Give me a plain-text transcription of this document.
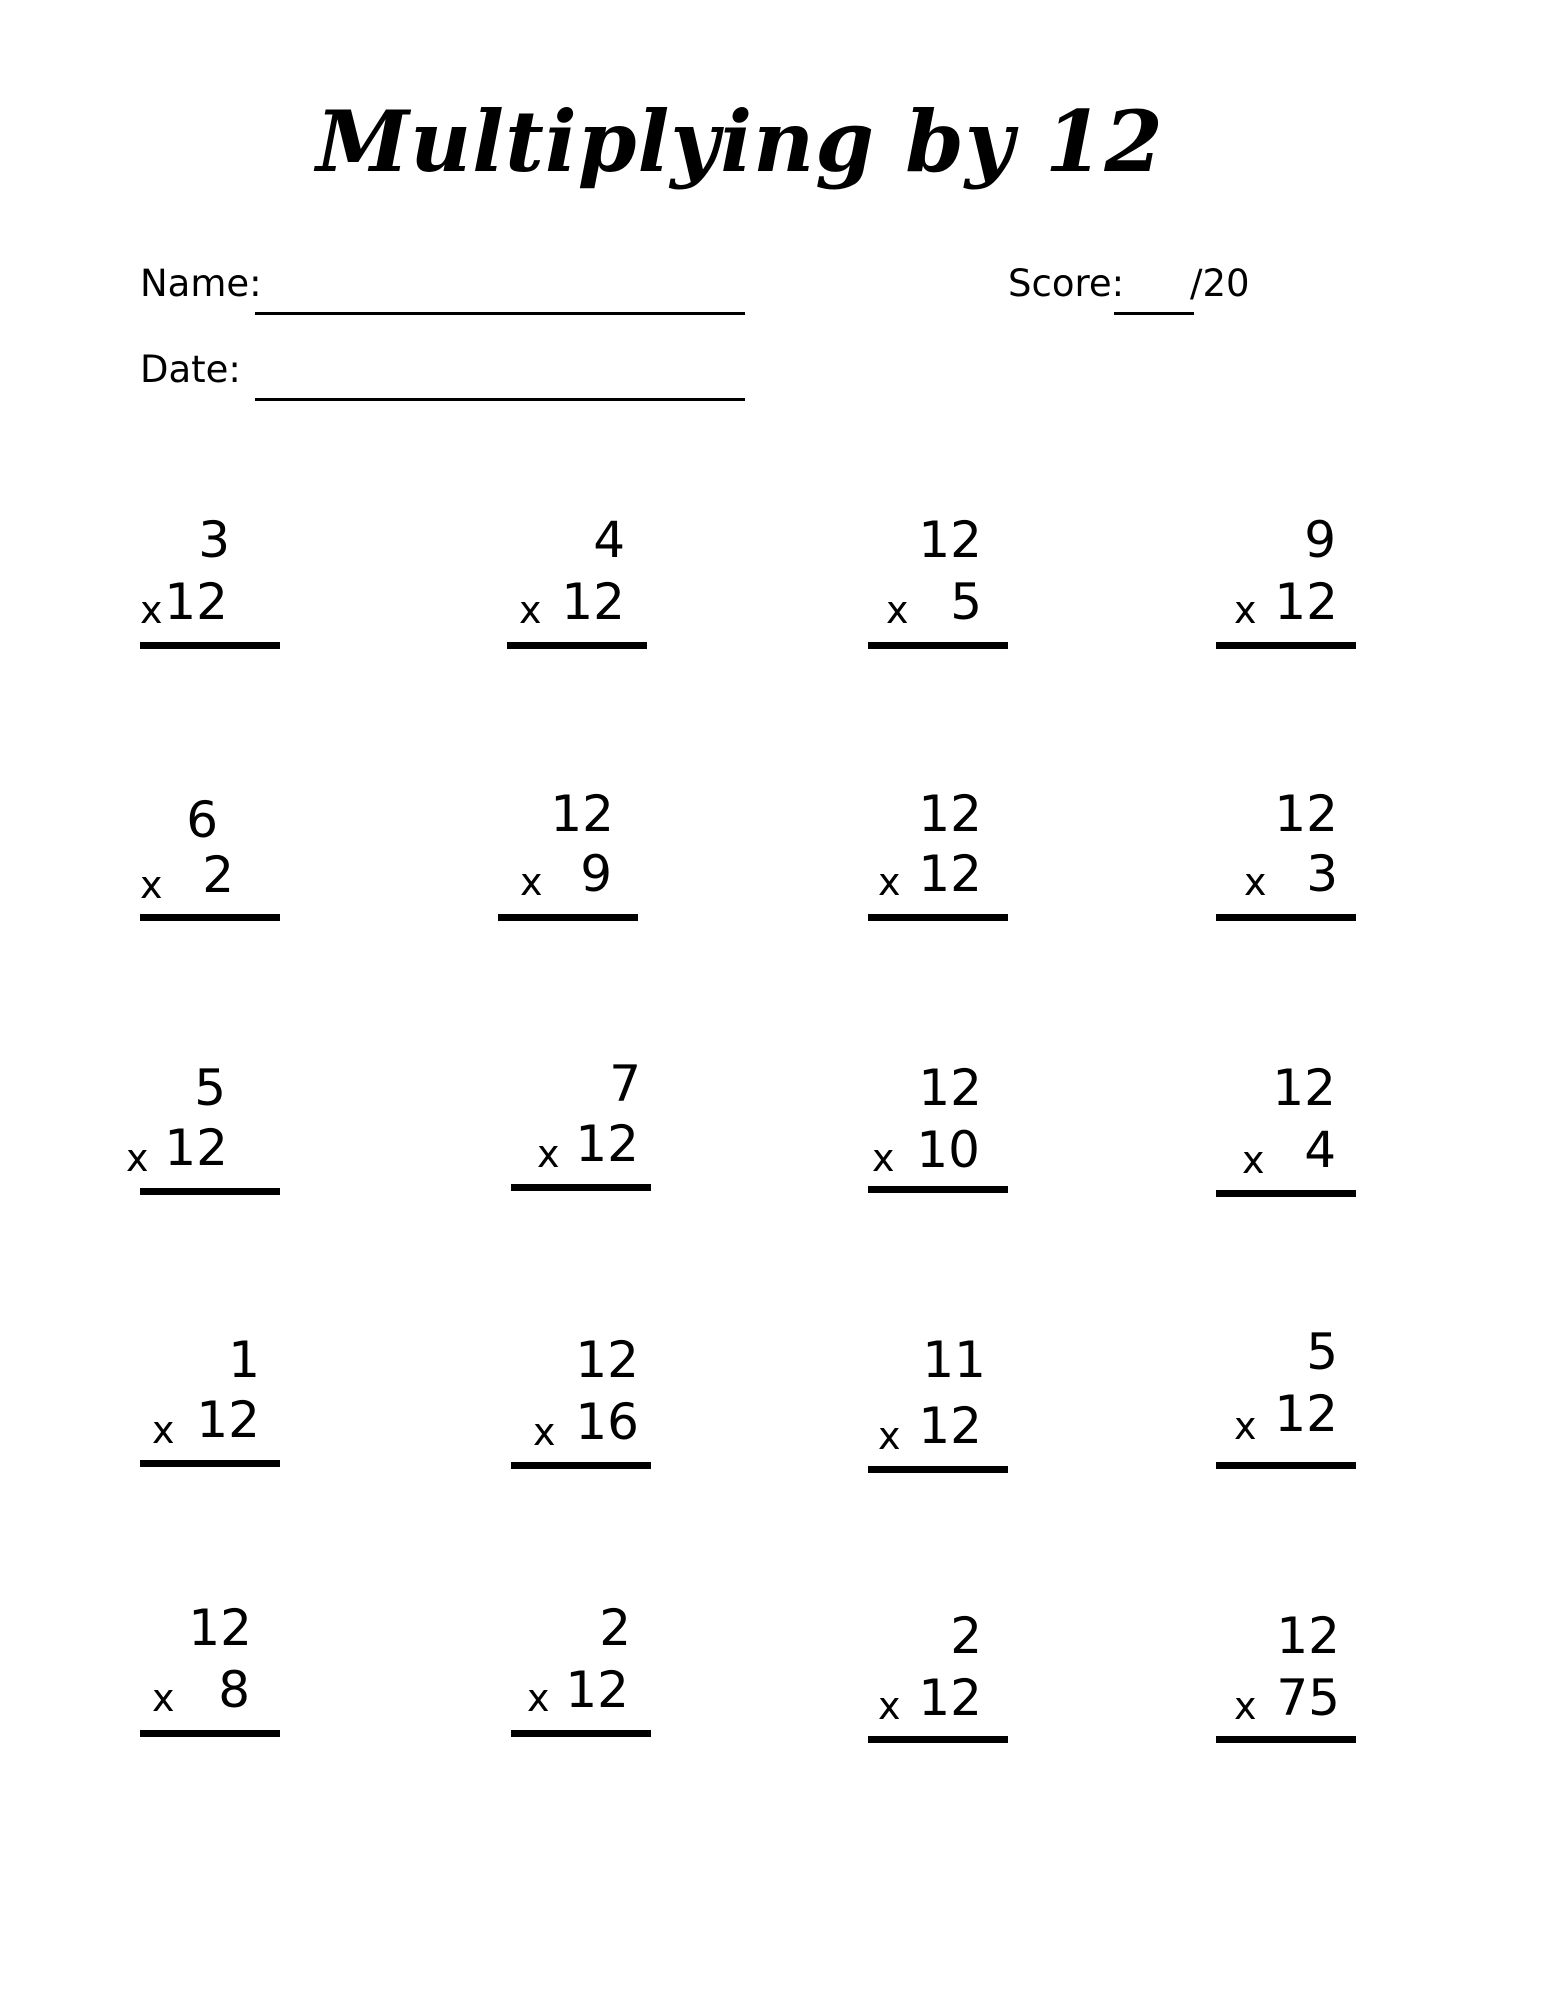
Multiplying by 12
Name:
Date:
Score: /20
3
x 12
4
x 12
12
x 5
9
x 12
6
x 2
12
x 9
12
x 12
12
x 3
5
x 12
7
x 12
12
x 10
12
x 4
1
x 12
12
x 16
11
x 12
5
x 12
12
x 8
2
x 12
2
x 12
12
x 75
